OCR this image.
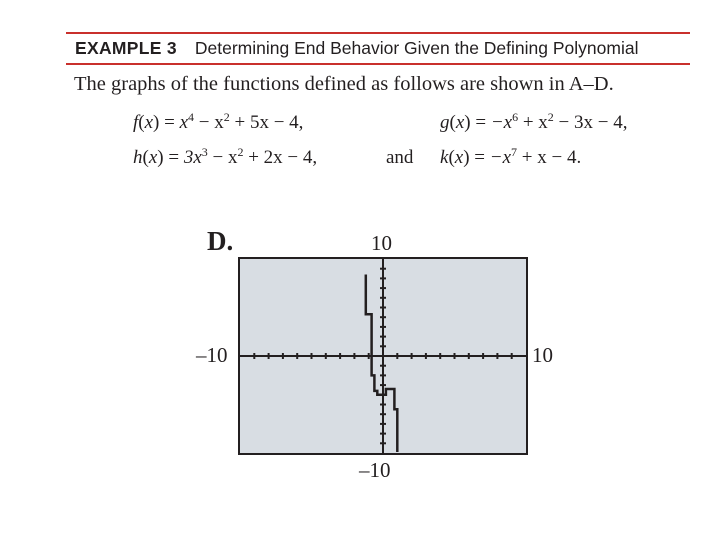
EXAMPLE 3 Determining End Behavior Given the Defining Polynomial
The graphs of the functions defined as follows are shown in A–D.
$f(x) = x^4 - x^2 + 5x - 4$,	$g(x) = -x^6 + x^2 - 3x - 4$,
$h(x) = 3x^3 - x^2 + 2x - 4$,	and $k(x) = -x^7 + x - 4$.
D.	10
–10
–10	10
